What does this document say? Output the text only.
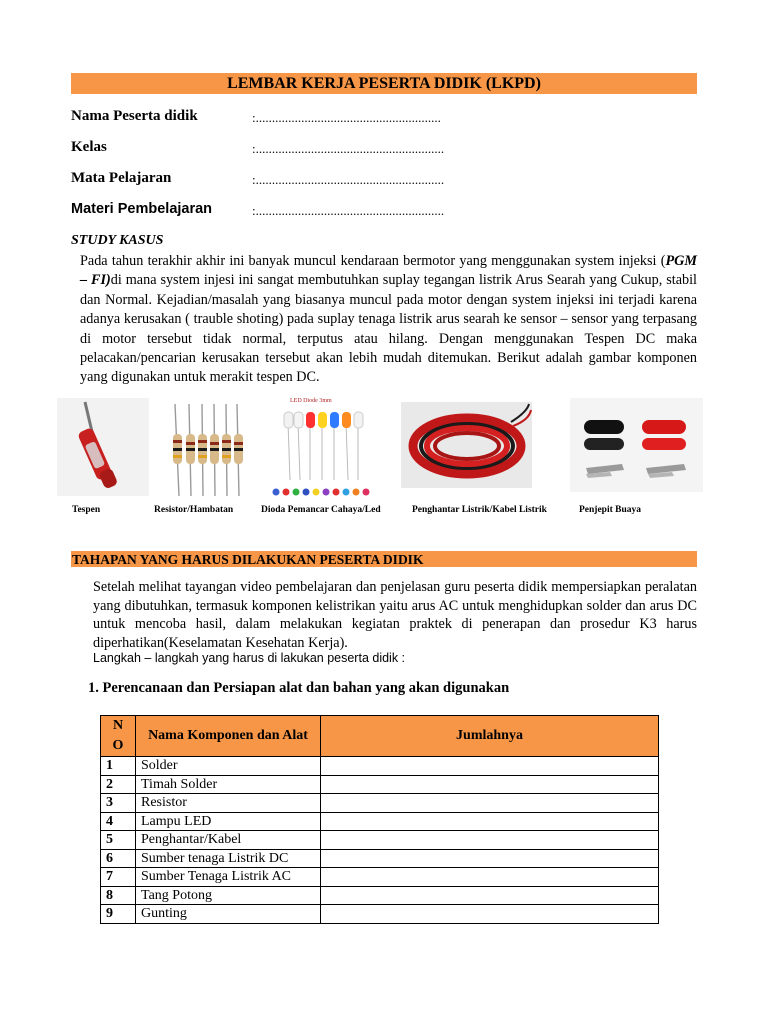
LEMBAR KERJA PESERTA DIDIK (LKPD)
Nama Peserta didik	:.........................................................
Kelas	:..........................................................
Mata Pelajaran	:..........................................................
Materi Pembelajaran	:..........................................................
STUDY KASUS
Pada tahun terakhir akhir ini banyak muncul kendaraan bermotor yang menggunakan system injeksi (PGM – FI)di mana system injesi ini sangat membutuhkan suplay tegangan listrik Arus Searah yang Cukup, stabil dan Normal. Kejadian/masalah yang biasanya muncul pada motor dengan system injeksi ini terjadi karena adanya kerusakan ( trauble shoting) pada suplay tenaga listrik arus searah ke sensor – sensor yang terpasang di motor tersebut tidak normal, terputus atau hilang. Dengan menggunakan Tespen DC maka pelacakan/pencarian kerusakan tersebut akan lebih mudah ditemukan. Berikut adalah gambar komponen yang digunakan untuk merakit tespen DC.
LED Diode 3mm
Tespen	Resistor/Hambatan	Dioda Pemancar Cahaya/Led	Penghantar Listrik/Kabel Listrik	Penjepit Buaya
TAHAPAN YANG HARUS DILAKUKAN PESERTA DIDIK
Setelah melihat tayangan video pembelajaran dan penjelasan guru peserta didik mempersiapkan peralatan yang dibutuhkan, termasuk komponen kelistrikan yaitu arus AC untuk menghidupkan solder dan arus DC untuk mencoba hasil, dalam melakukan kegiatan praktek di penerapan dan prosedur K3 harus diperhatikan(Keselamatan Kesehatan Kerja).
Langkah – langkah yang harus di lakukan peserta didik :
1. Perencanaan dan Persiapan alat dan bahan yang akan digunakan
N O	Nama Komponen dan Alat	Jumlahnya
1	Solder	
2	Timah Solder	
3	Resistor	
4	Lampu LED	
5	Penghantar/Kabel	
6	Sumber tenaga Listrik DC	
7	Sumber Tenaga Listrik AC	
8	Tang Potong	
9	Gunting	
